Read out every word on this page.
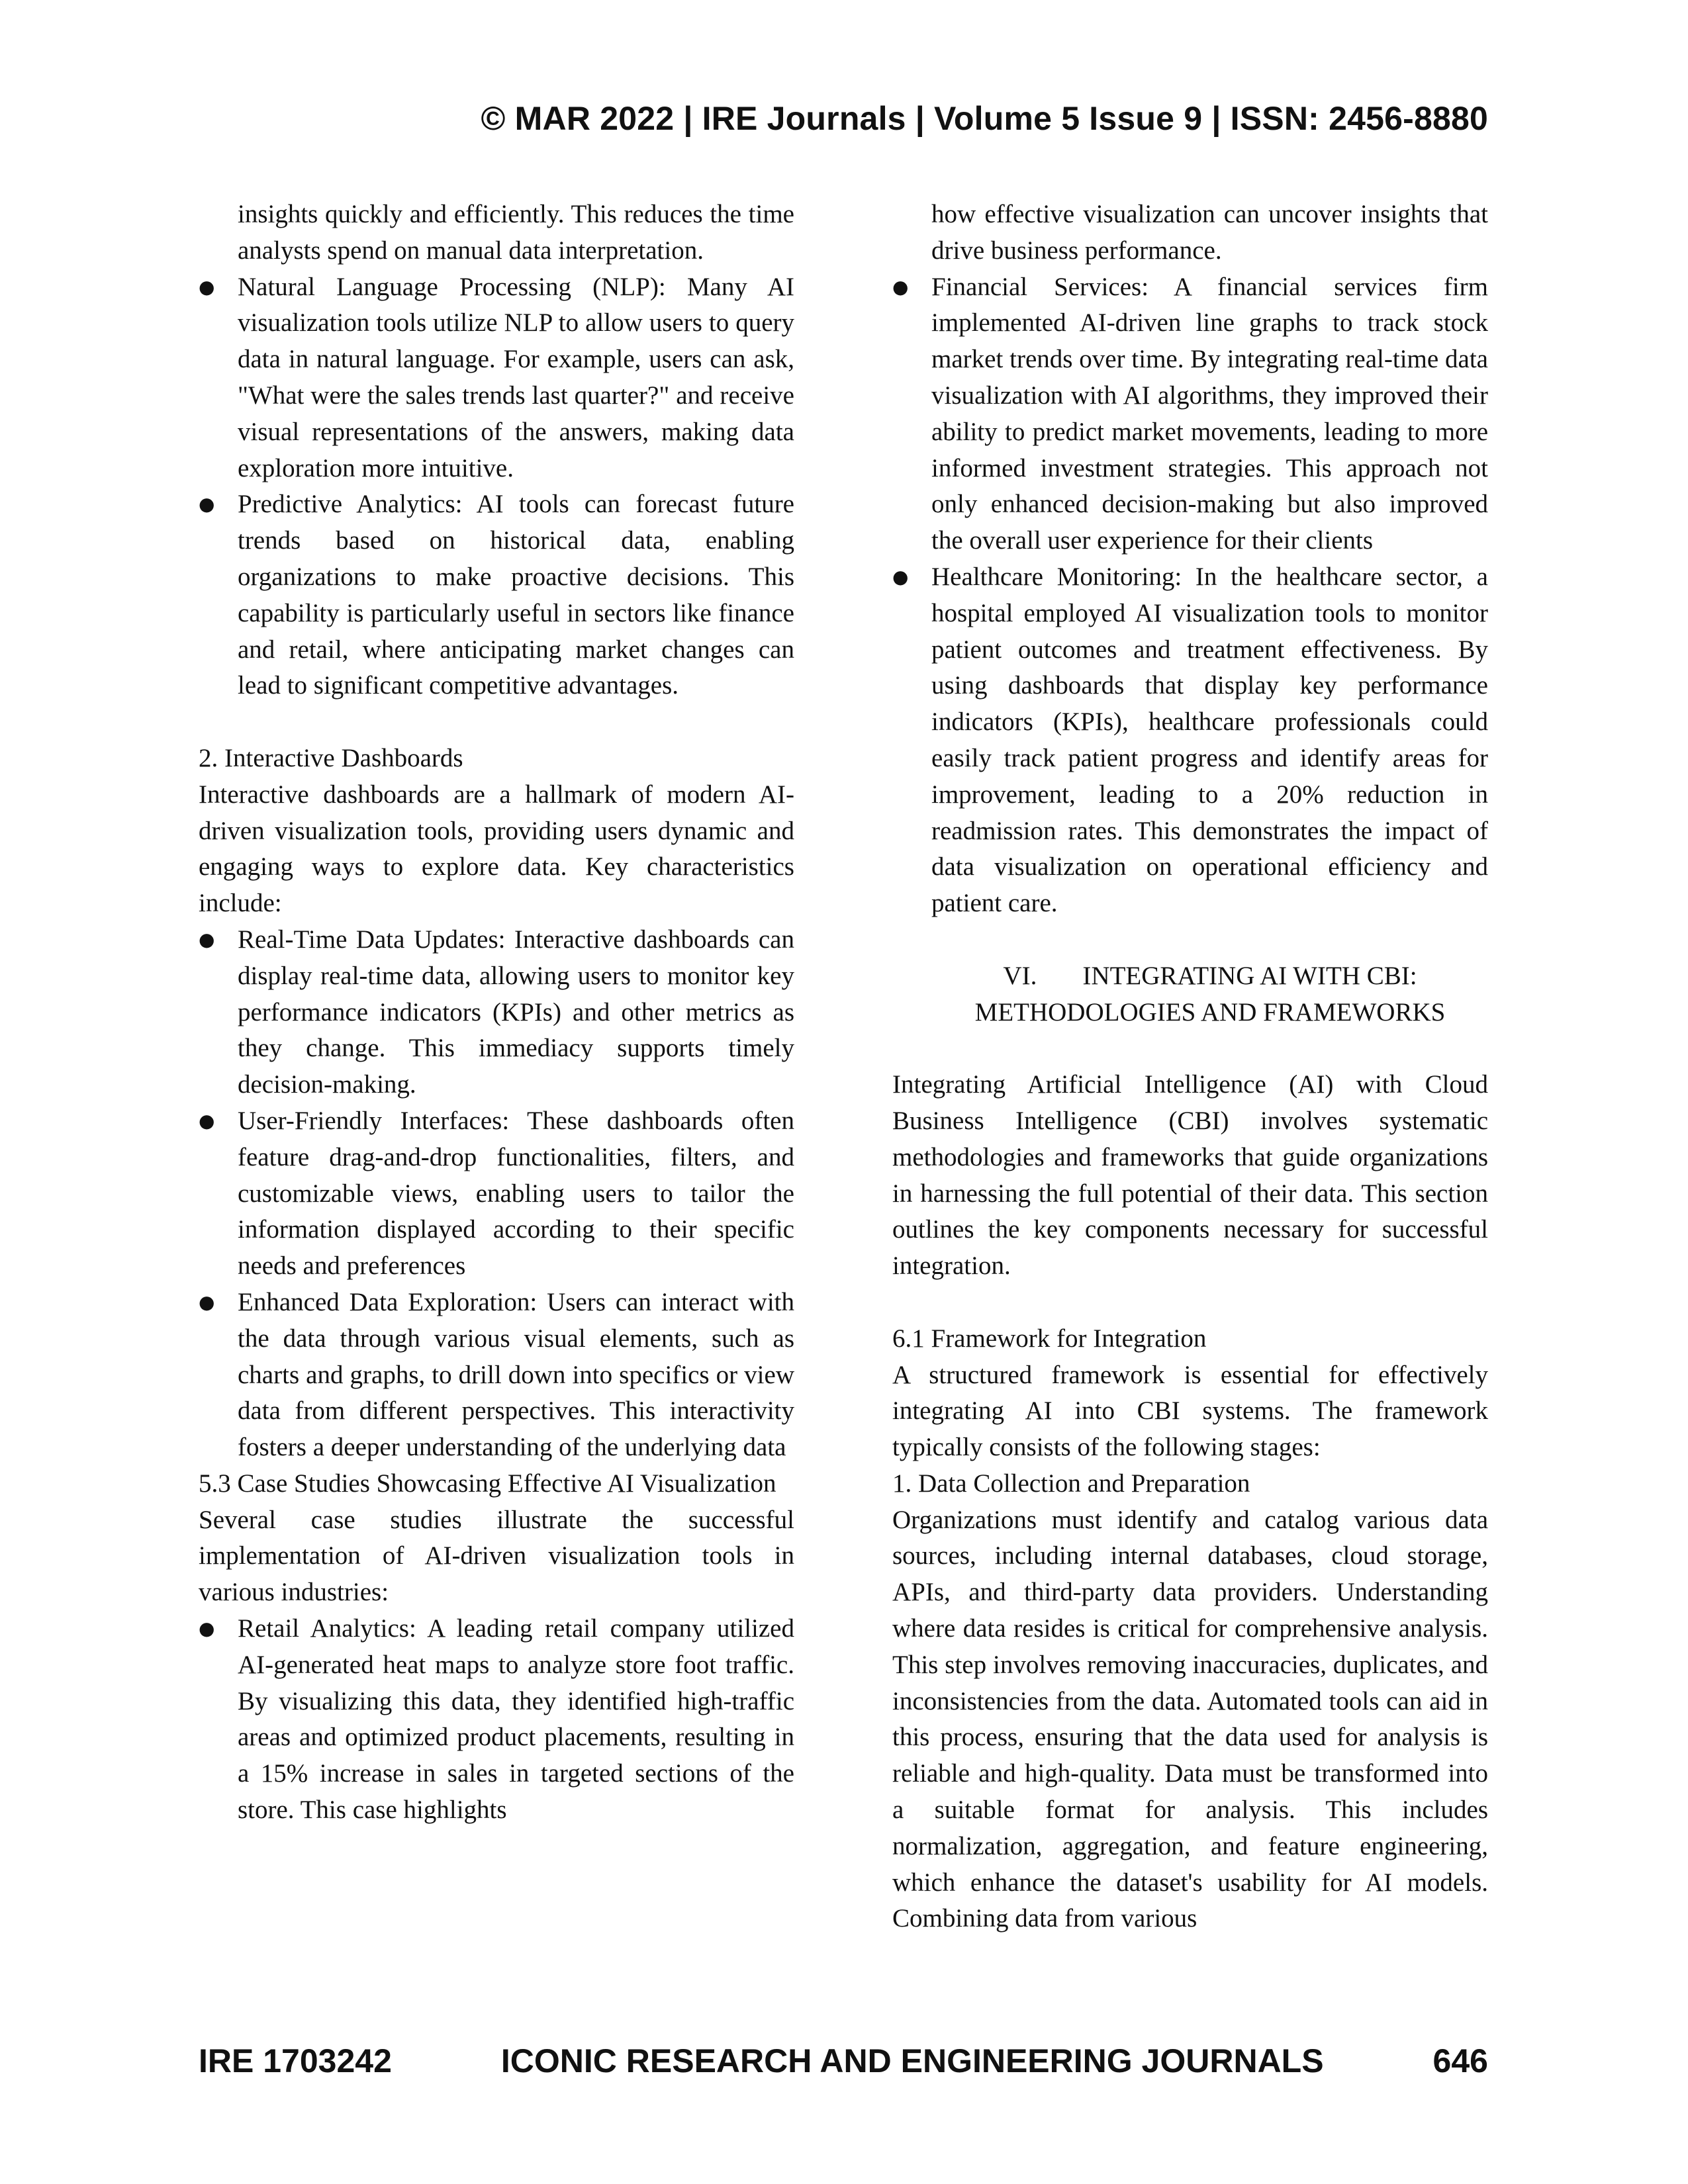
© MAR 2022 | IRE Journals | Volume 5 Issue 9 | ISSN: 2456-8880

insights quickly and efficiently. This reduces the time analysts spend on manual data interpretation.

● Natural Language Processing (NLP): Many AI visualization tools utilize NLP to allow users to query data in natural language. For example, users can ask, "What were the sales trends last quarter?" and receive visual representations of the answers, making data exploration more intuitive.
● Predictive Analytics: AI tools can forecast future trends based on historical data, enabling organizations to make proactive decisions. This capability is particularly useful in sectors like finance and retail, where anticipating market changes can lead to significant competitive advantages.

2. Interactive Dashboards

Interactive dashboards are a hallmark of modern AI-driven visualization tools, providing users dynamic and engaging ways to explore data. Key characteristics include:

● Real-Time Data Updates: Interactive dashboards can display real-time data, allowing users to monitor key performance indicators (KPIs) and other metrics as they change. This immediacy supports timely decision-making.
● User-Friendly Interfaces: These dashboards often feature drag-and-drop functionalities, filters, and customizable views, enabling users to tailor the information displayed according to their specific needs and preferences
● Enhanced Data Exploration: Users can interact with the data through various visual elements, such as charts and graphs, to drill down into specifics or view data from different perspectives. This interactivity fosters a deeper understanding of the underlying data

5.3 Case Studies Showcasing Effective AI Visualization

Several case studies illustrate the successful implementation of AI-driven visualization tools in various industries:

● Retail Analytics: A leading retail company utilized AI-generated heat maps to analyze store foot traffic. By visualizing this data, they identified high-traffic areas and optimized product placements, resulting in a 15% increase in sales in targeted sections of the store. This case highlights

how effective visualization can uncover insights that drive business performance.

● Financial Services: A financial services firm implemented AI-driven line graphs to track stock market trends over time. By integrating real-time data visualization with AI algorithms, they improved their ability to predict market movements, leading to more informed investment strategies. This approach not only enhanced decision-making but also improved the overall user experience for their clients
● Healthcare Monitoring: In the healthcare sector, a hospital employed AI visualization tools to monitor patient outcomes and treatment effectiveness. By using dashboards that display key performance indicators (KPIs), healthcare professionals could easily track patient progress and identify areas for improvement, leading to a 20% reduction in readmission rates. This demonstrates the impact of data visualization on operational efficiency and patient care.
VI. INTEGRATING AI WITH CBI:
METHODOLOGIES AND FRAMEWORKS

Integrating Artificial Intelligence (AI) with Cloud Business Intelligence (CBI) involves systematic methodologies and frameworks that guide organizations in harnessing the full potential of their data. This section outlines the key components necessary for successful integration.

6.1 Framework for Integration

A structured framework is essential for effectively integrating AI into CBI systems. The framework typically consists of the following stages:

1. Data Collection and Preparation

Organizations must identify and catalog various data sources, including internal databases, cloud storage, APIs, and third-party data providers. Understanding where data resides is critical for comprehensive analysis. This step involves removing inaccuracies, duplicates, and inconsistencies from the data. Automated tools can aid in this process, ensuring that the data used for analysis is reliable and high-quality. Data must be transformed into a suitable format for analysis. This includes normalization, aggregation, and feature engineering, which enhance the dataset's usability for AI models. Combining data from various

IRE 1703242	ICONIC RESEARCH AND ENGINEERING JOURNALS	646
